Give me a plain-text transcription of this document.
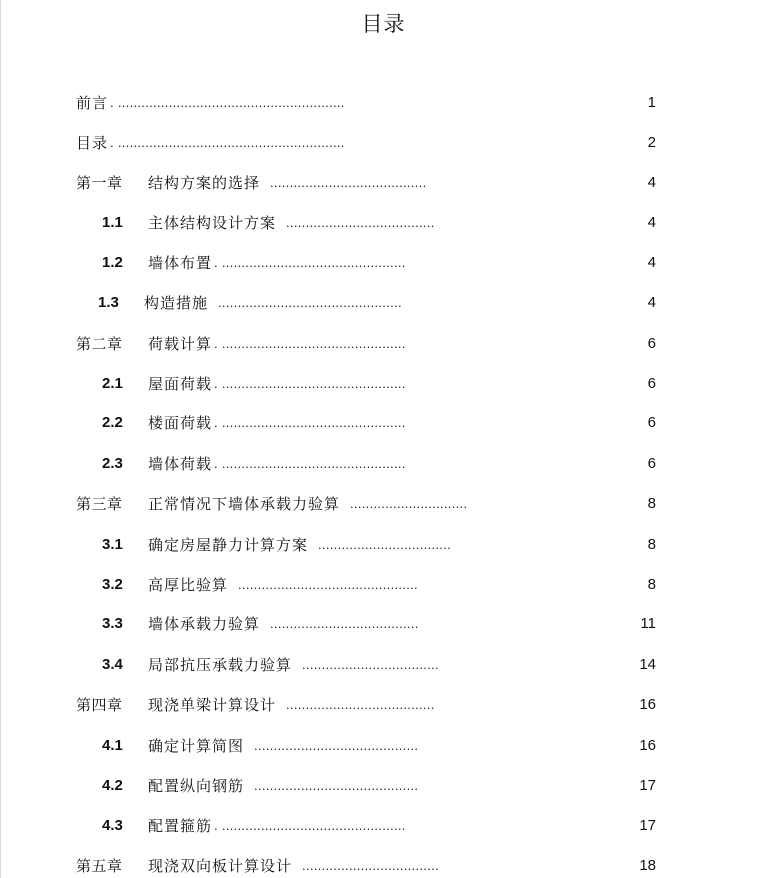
目录
前言 . ..........................................................	1
目录 . ..........................................................	2
第一章 结构方案的选择 ........................................	4
1.1 主体结构设计方案 ......................................	4
1.2 墙体布置 . ...............................................	4
1.3 构造措施 ...............................................	4
第二章 荷载计算 . ...............................................	6
2.1 屋面荷载 . ...............................................	6
2.2 楼面荷载 . ...............................................	6
2.3 墙体荷载 . ...............................................	6
第三章 正常情况下墙体承载力验算 ..............................	8
3.1 确定房屋静力计算方案 ..................................	8
3.2 高厚比验算 ..............................................	8
3.3 墙体承载力验算 ......................................	11
3.4 局部抗压承载力验算 ...................................	14
第四章 现浇单梁计算设计 ......................................	16
4.1 确定计算简图 ..........................................	16
4.2 配置纵向钢筋 ..........................................	17
4.3 配置箍筋 . ...............................................	17
第五章 现浇双向板计算设计 ...................................	18
